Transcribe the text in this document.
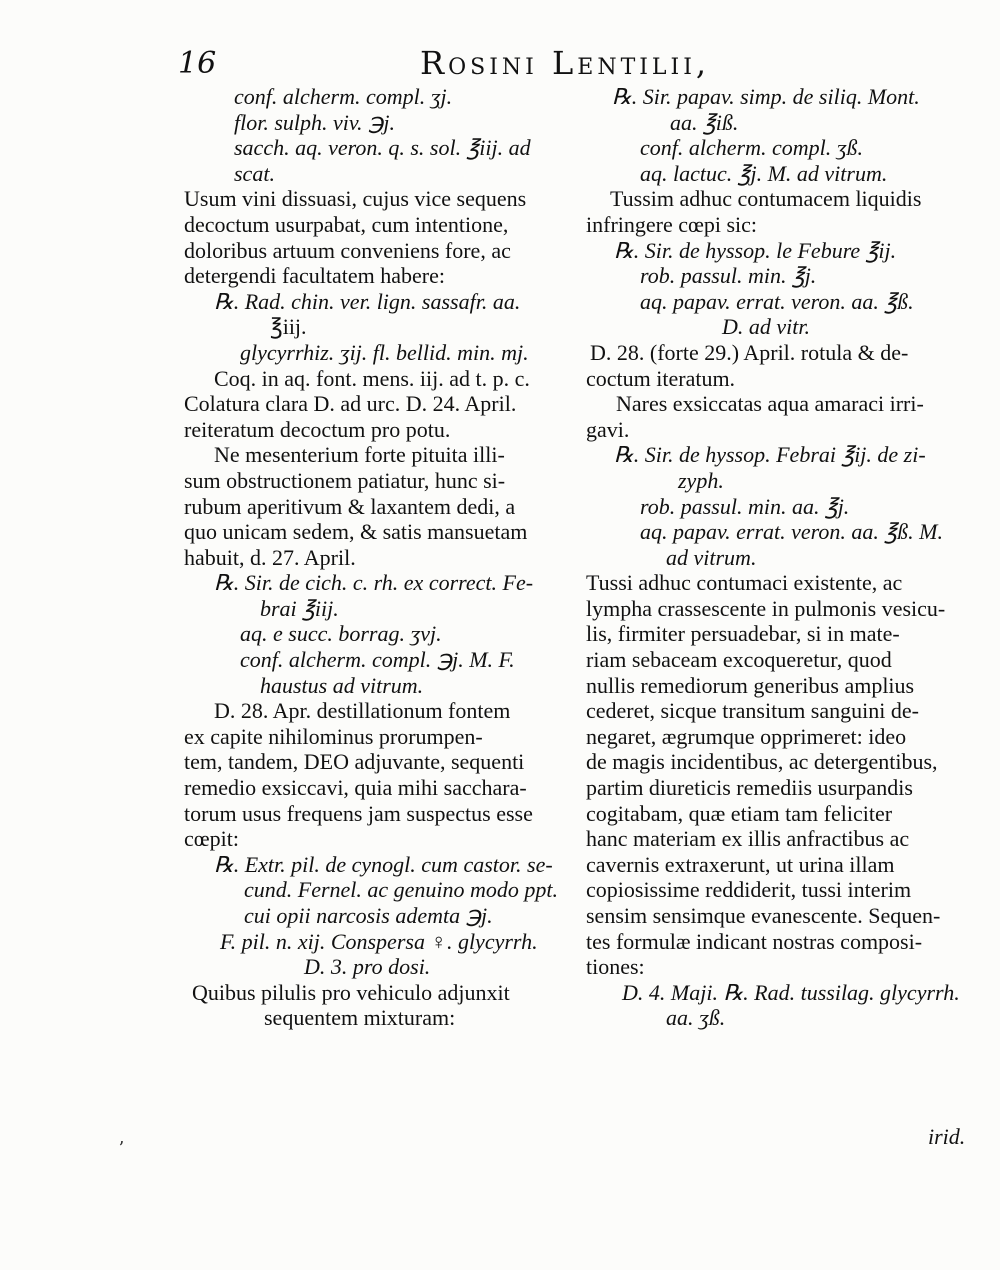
16	Rosini Lentilii,
conf. alcherm. compl. ʒj.
flor. sulph. viv. ℈j.
sacch. aq. veron. q. s. sol. ℥iij. ad
scat.
Usum vini dissuasi, cujus vice sequens
decoctum usurpabat, cum intentione,
doloribus artuum conveniens fore, ac
detergendi facultatem habere:
℞. Rad. chin. ver. lign. sassafr. aa.
℥iij.
glycyrrhiz. ʒij. fl. bellid. min. mj.
Coq. in aq. font. mens. iij. ad t. p. c.
Colatura clara D. ad urc. D. 24. April.
reiteratum decoctum pro potu.
Ne mesenterium forte pituita illi-
sum obstructionem patiatur, hunc si-
rubum aperitivum & laxantem dedi, a
quo unicam sedem, & satis mansuetam
habuit, d. 27. April.
℞. Sir. de cich. c. rh. ex correct. Fe-
brai ℥iij.
aq. e succ. borrag. ʒvj.
conf. alcherm. compl. ℈j. M. F.
haustus ad vitrum.
D. 28. Apr. destillationum fontem
ex capite nihilominus prorumpen-
tem, tandem, DEO adjuvante, sequenti
remedio exsiccavi, quia mihi sacchara-
torum usus frequens jam suspectus esse
cœpit:
℞. Extr. pil. de cynogl. cum castor. se-
cund. Fernel. ac genuino modo ppt.
cui opii narcosis ademta ℈j.
F. pil. n. xij. Conspersa ♀. glycyrrh.
D. 3. pro dosi.
Quibus pilulis pro vehiculo adjunxit
sequentem mixturam:
℞. Sir. papav. simp. de siliq. Mont.
aa. ℥iß.
conf. alcherm. compl. ʒß.
aq. lactuc. ℥j. M. ad vitrum.
Tussim adhuc contumacem liquidis
infringere cœpi sic:
℞. Sir. de hyssop. le Febure ℥ij.
rob. passul. min. ℥j.
aq. papav. errat. veron. aa. ℥ß.
D. ad vitr.
D. 28. (forte 29.) April. rotula & de-
coctum iteratum.
Nares exsiccatas aqua amaraci irri-
gavi.
℞. Sir. de hyssop. Febrai ℥ij. de zi-
zyph.
rob. passul. min. aa. ℥j.
aq. papav. errat. veron. aa. ℥ß. M.
ad vitrum.
Tussi adhuc contumaci existente, ac
lympha crassescente in pulmonis vesicu-
lis, firmiter persuadebar, si in mate-
riam sebaceam excoqueretur, quod
nullis remediorum generibus amplius
cederet, sicque transitum sanguini de-
negaret, ægrumque opprimeret: ideo
de magis incidentibus, ac detergentibus,
partim diureticis remediis usurpandis
cogitabam, quæ etiam tam feliciter
hanc materiam ex illis anfractibus ac
cavernis extraxerunt, ut urina illam
copiosissime reddiderit, tussi interim
sensim sensimque evanescente. Sequen-
tes formulæ indicant nostras composi-
tiones:
D. 4. Maji. ℞. Rad. tussilag. glycyrrh.
aa. ʒß.
irid.
ʼ
